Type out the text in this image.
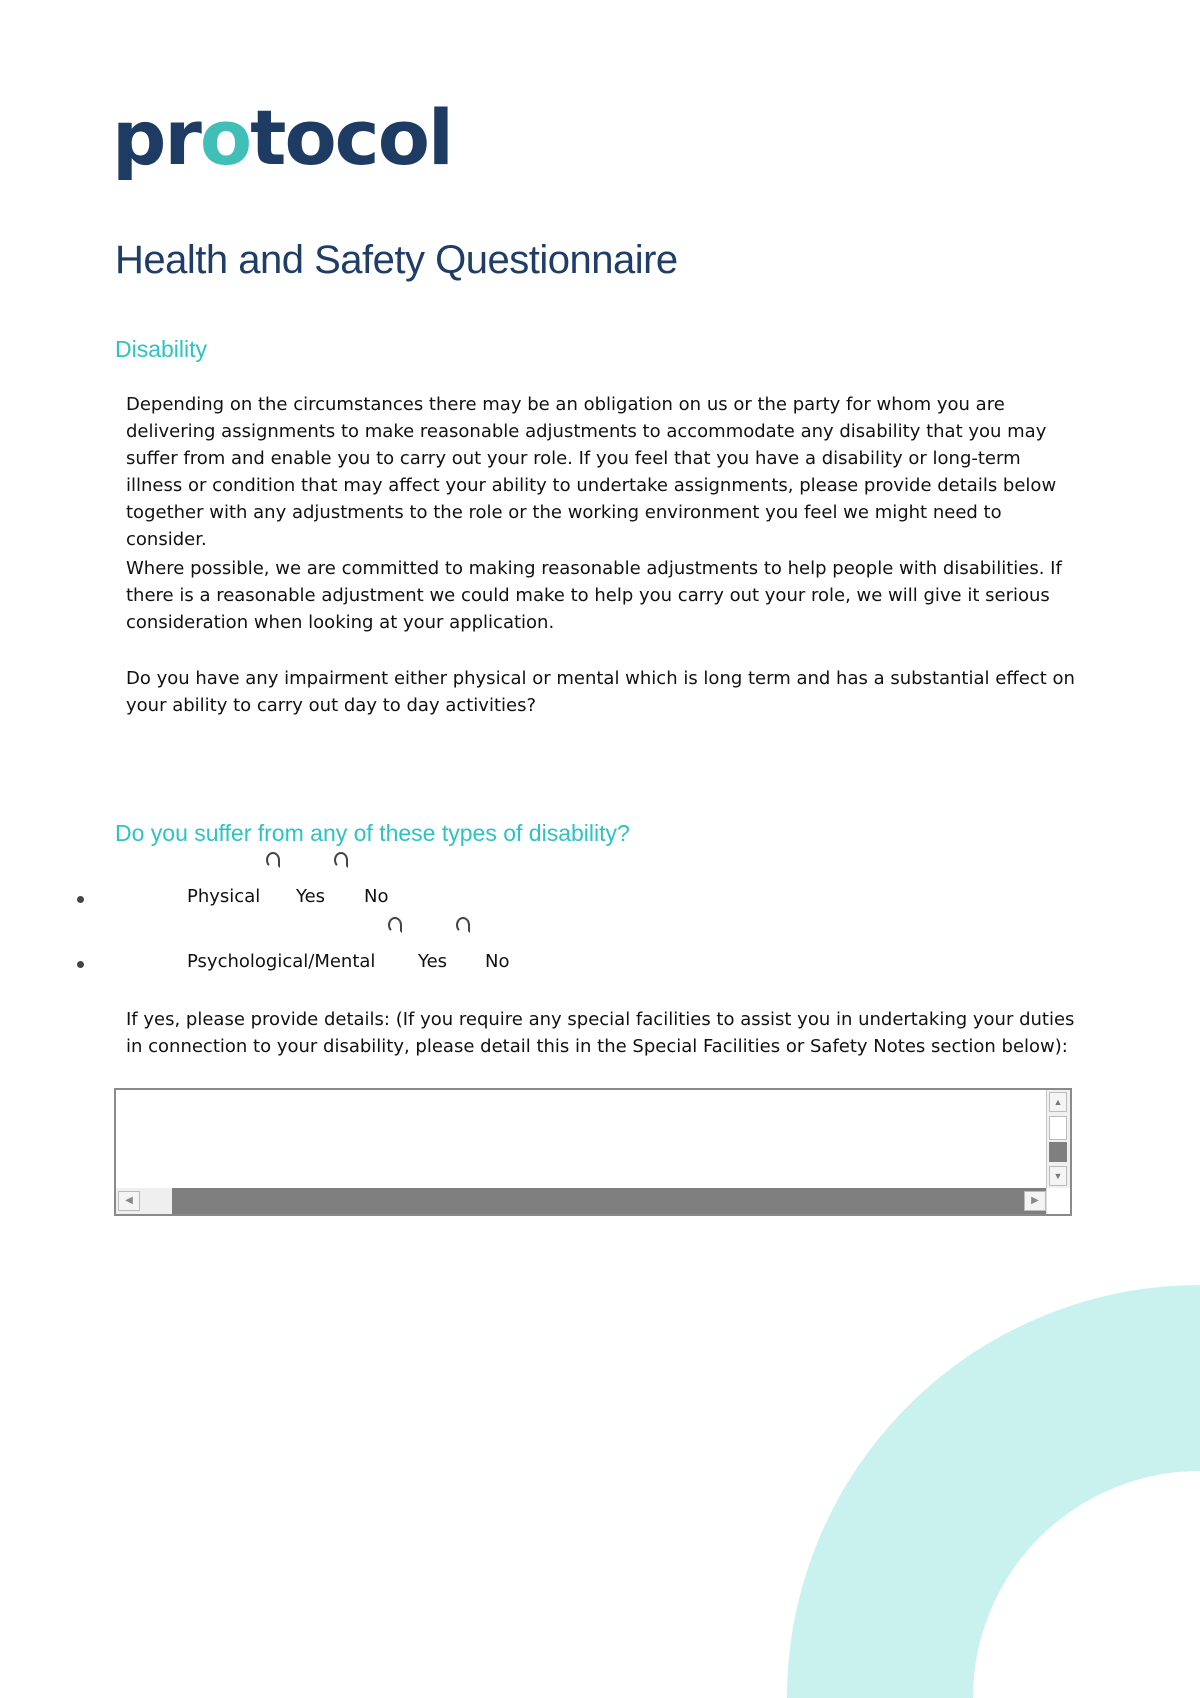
protocol
Health and Safety Questionnaire
Disability

Depending on the circumstances there may be an obligation on us or the party for whom you are delivering assignments to make reasonable adjustments to accommodate any disability that you may suffer from and enable you to carry out your role. If you feel that you have a disability or long-term illness or condition that may affect your ability to undertake assignments, please provide details below together with any adjustments to the role or the working environment you feel we might need to consider.

Where possible, we are committed to making reasonable adjustments to help people with disabilities. If there is a reasonable adjustment we could make to help you carry out your role, we will give it serious consideration when looking at your application.

Do you have any impairment either physical or mental which is long term and has a substantial effect on your ability to carry out day to day activities?

Do you suffer from any of these types of disability?
Physical Yes No
Psychological/Mental Yes No

If yes, please provide details: (If you require any special facilities to assist you in undertaking your duties in connection to your disability, please detail this in the Special Facilities or Safety Notes section below):

▲
▼
◀	▶
